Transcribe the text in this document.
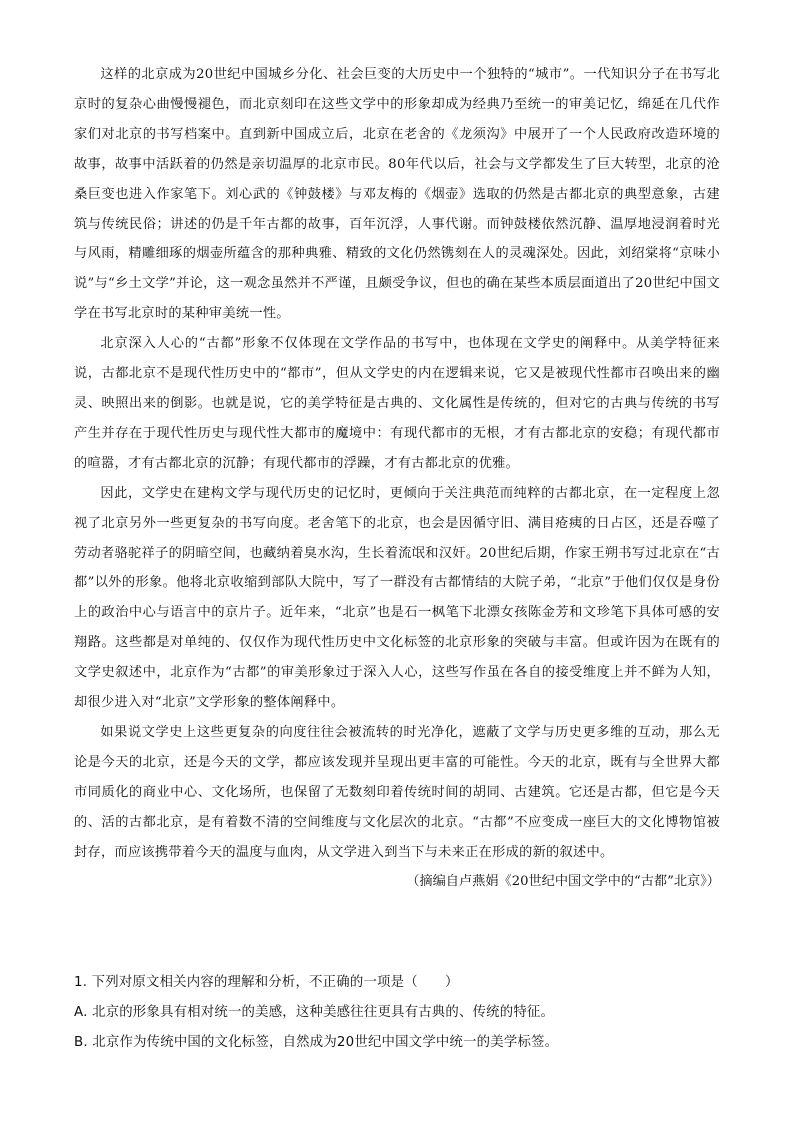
这样的北京成为20世纪中国城乡分化、社会巨变的大历史中一个独特的“城市”。一代知识分子在书写北京时的复杂心曲慢慢褪色，而北京刻印在这些文学中的形象却成为经典乃至统一的审美记忆，绵延在几代作家们对北京的书写档案中。直到新中国成立后，北京在老舍的《龙须沟》中展开了一个人民政府改造环境的故事，故事中活跃着的仍然是亲切温厚的北京市民。80年代以后，社会与文学都发生了巨大转型，北京的沧桑巨变也进入作家笔下。刘心武的《钟鼓楼》与邓友梅的《烟壶》选取的仍然是古都北京的典型意象，古建筑与传统民俗；讲述的仍是千年古都的故事，百年沉浮，人事代谢。而钟鼓楼依然沉静、温厚地浸润着时光与风雨，精雕细琢的烟壶所蕴含的那种典雅、精致的文化仍然镌刻在人的灵魂深处。因此，刘绍棠将“京味小说”与“乡土文学”并论，这一观念虽然并不严谨，且颇受争议，但也的确在某些本质层面道出了20世纪中国文学在书写北京时的某种审美统一性。

北京深入人心的“古都”形象不仅体现在文学作品的书写中，也体现在文学史的阐释中。从美学特征来说，古都北京不是现代性历史中的“都市”，但从文学史的内在逻辑来说，它又是被现代性都市召唤出来的幽灵、映照出来的倒影。也就是说，它的美学特征是古典的、文化属性是传统的，但对它的古典与传统的书写产生并存在于现代性历史与现代性大都市的魔境中：有现代都市的无根，才有古都北京的安稳；有现代都市的喧嚣，才有古都北京的沉静；有现代都市的浮躁，才有古都北京的优雅。

因此，文学史在建构文学与现代历史的记忆时，更倾向于关注典范而纯粹的古都北京，在一定程度上忽视了北京另外一些更复杂的书写向度。老舍笔下的北京，也会是因循守旧、满目疮痍的日占区，还是吞噬了劳动者骆驼祥子的阴暗空间，也藏纳着臭水沟，生长着流氓和汉奸。20世纪后期，作家王朔书写过北京在“古都”以外的形象。他将北京收缩到部队大院中，写了一群没有古都情结的大院子弟，“北京”于他们仅仅是身份上的政治中心与语言中的京片子。近年来，“北京”也是石一枫笔下北漂女孩陈金芳和文珍笔下具体可感的安翔路。这些都是对单纯的、仅仅作为现代性历史中文化标签的北京形象的突破与丰富。但或许因为在既有的文学史叙述中，北京作为“古都”的审美形象过于深入人心，这些写作虽在各自的接受维度上并不鲜为人知，却很少进入对“北京”文学形象的整体阐释中。

如果说文学史上这些更复杂的向度往往会被流转的时光净化，遮蔽了文学与历史更多维的互动，那么无论是今天的北京，还是今天的文学，都应该发现并呈现出更丰富的可能性。今天的北京，既有与全世界大都市同质化的商业中心、文化场所，也保留了无数刻印着传统时间的胡同、古建筑。它还是古都，但它是今天的、活的古都北京，是有着数不清的空间维度与文化层次的北京。“古都”不应变成一座巨大的文化博物馆被封存，而应该携带着今天的温度与血肉，从文学进入到当下与未来正在形成的新的叙述中。

（摘编自卢燕娟《20世纪中国文学中的“古都”北京》）

1. 下列对原文相关内容的理解和分析，不正确的一项是（　　）

A. 北京的形象具有相对统一的美感，这种美感往往更具有古典的、传统的特征。

B. 北京作为传统中国的文化标签，自然成为20世纪中国文学中统一的美学标签。
